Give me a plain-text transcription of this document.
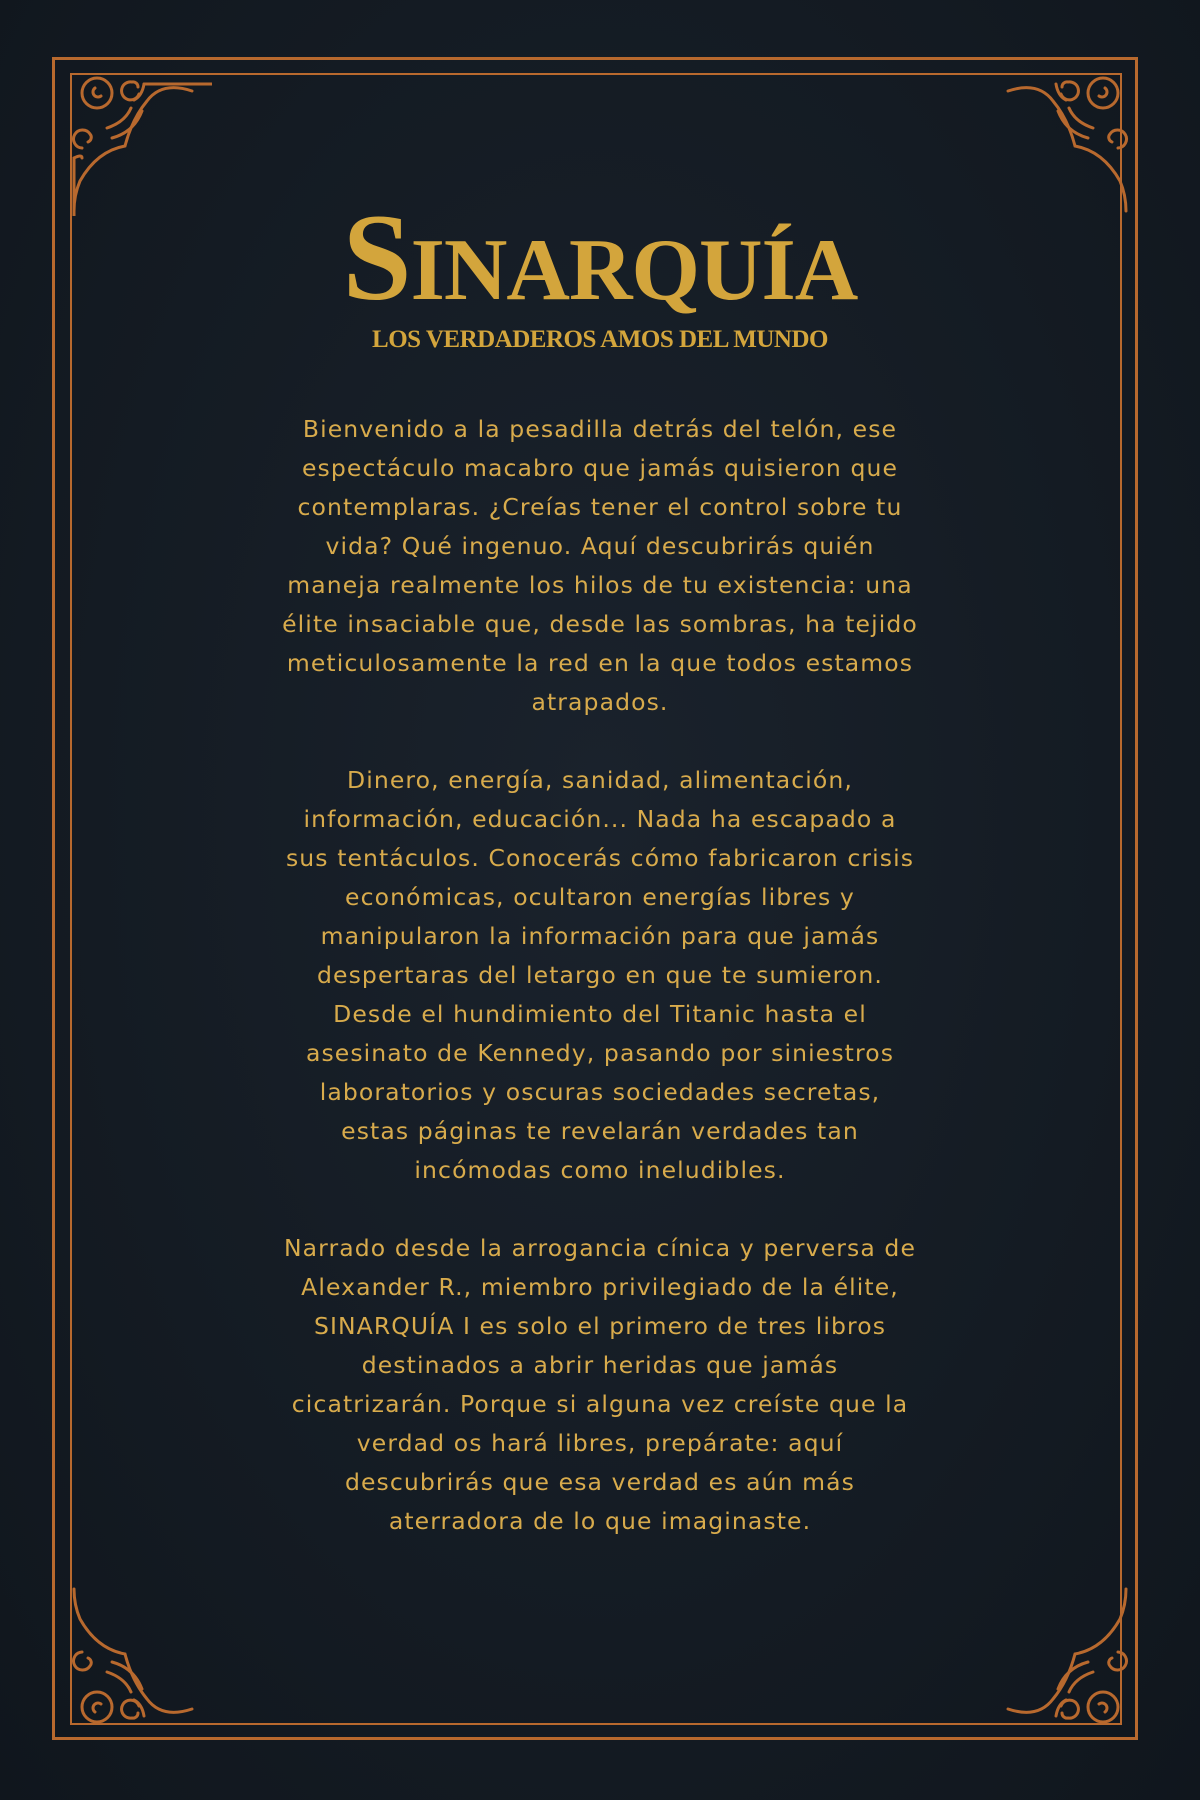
SINARQUÍA
LOS VERDADEROS AMOS DEL MUNDO

Bienvenido a la pesadilla detrás del telón, ese
espectáculo macabro que jamás quisieron que
contemplaras. ¿Creías tener el control sobre tu
vida? Qué ingenuo. Aquí descubrirás quién
maneja realmente los hilos de tu existencia: una
élite insaciable que, desde las sombras, ha tejido
meticulosamente la red en la que todos estamos
atrapados.

Dinero, energía, sanidad, alimentación,
información, educación... Nada ha escapado a
sus tentáculos. Conocerás cómo fabricaron crisis
económicas, ocultaron energías libres y
manipularon la información para que jamás
despertaras del letargo en que te sumieron.
Desde el hundimiento del Titanic hasta el
asesinato de Kennedy, pasando por siniestros
laboratorios y oscuras sociedades secretas,
estas páginas te revelarán verdades tan
incómodas como ineludibles.

Narrado desde la arrogancia cínica y perversa de
Alexander R., miembro privilegiado de la élite,
SINARQUÍA I es solo el primero de tres libros
destinados a abrir heridas que jamás
cicatrizarán. Porque si alguna vez creíste que la
verdad os hará libres, prepárate: aquí
descubrirás que esa verdad es aún más
aterradora de lo que imaginaste.
